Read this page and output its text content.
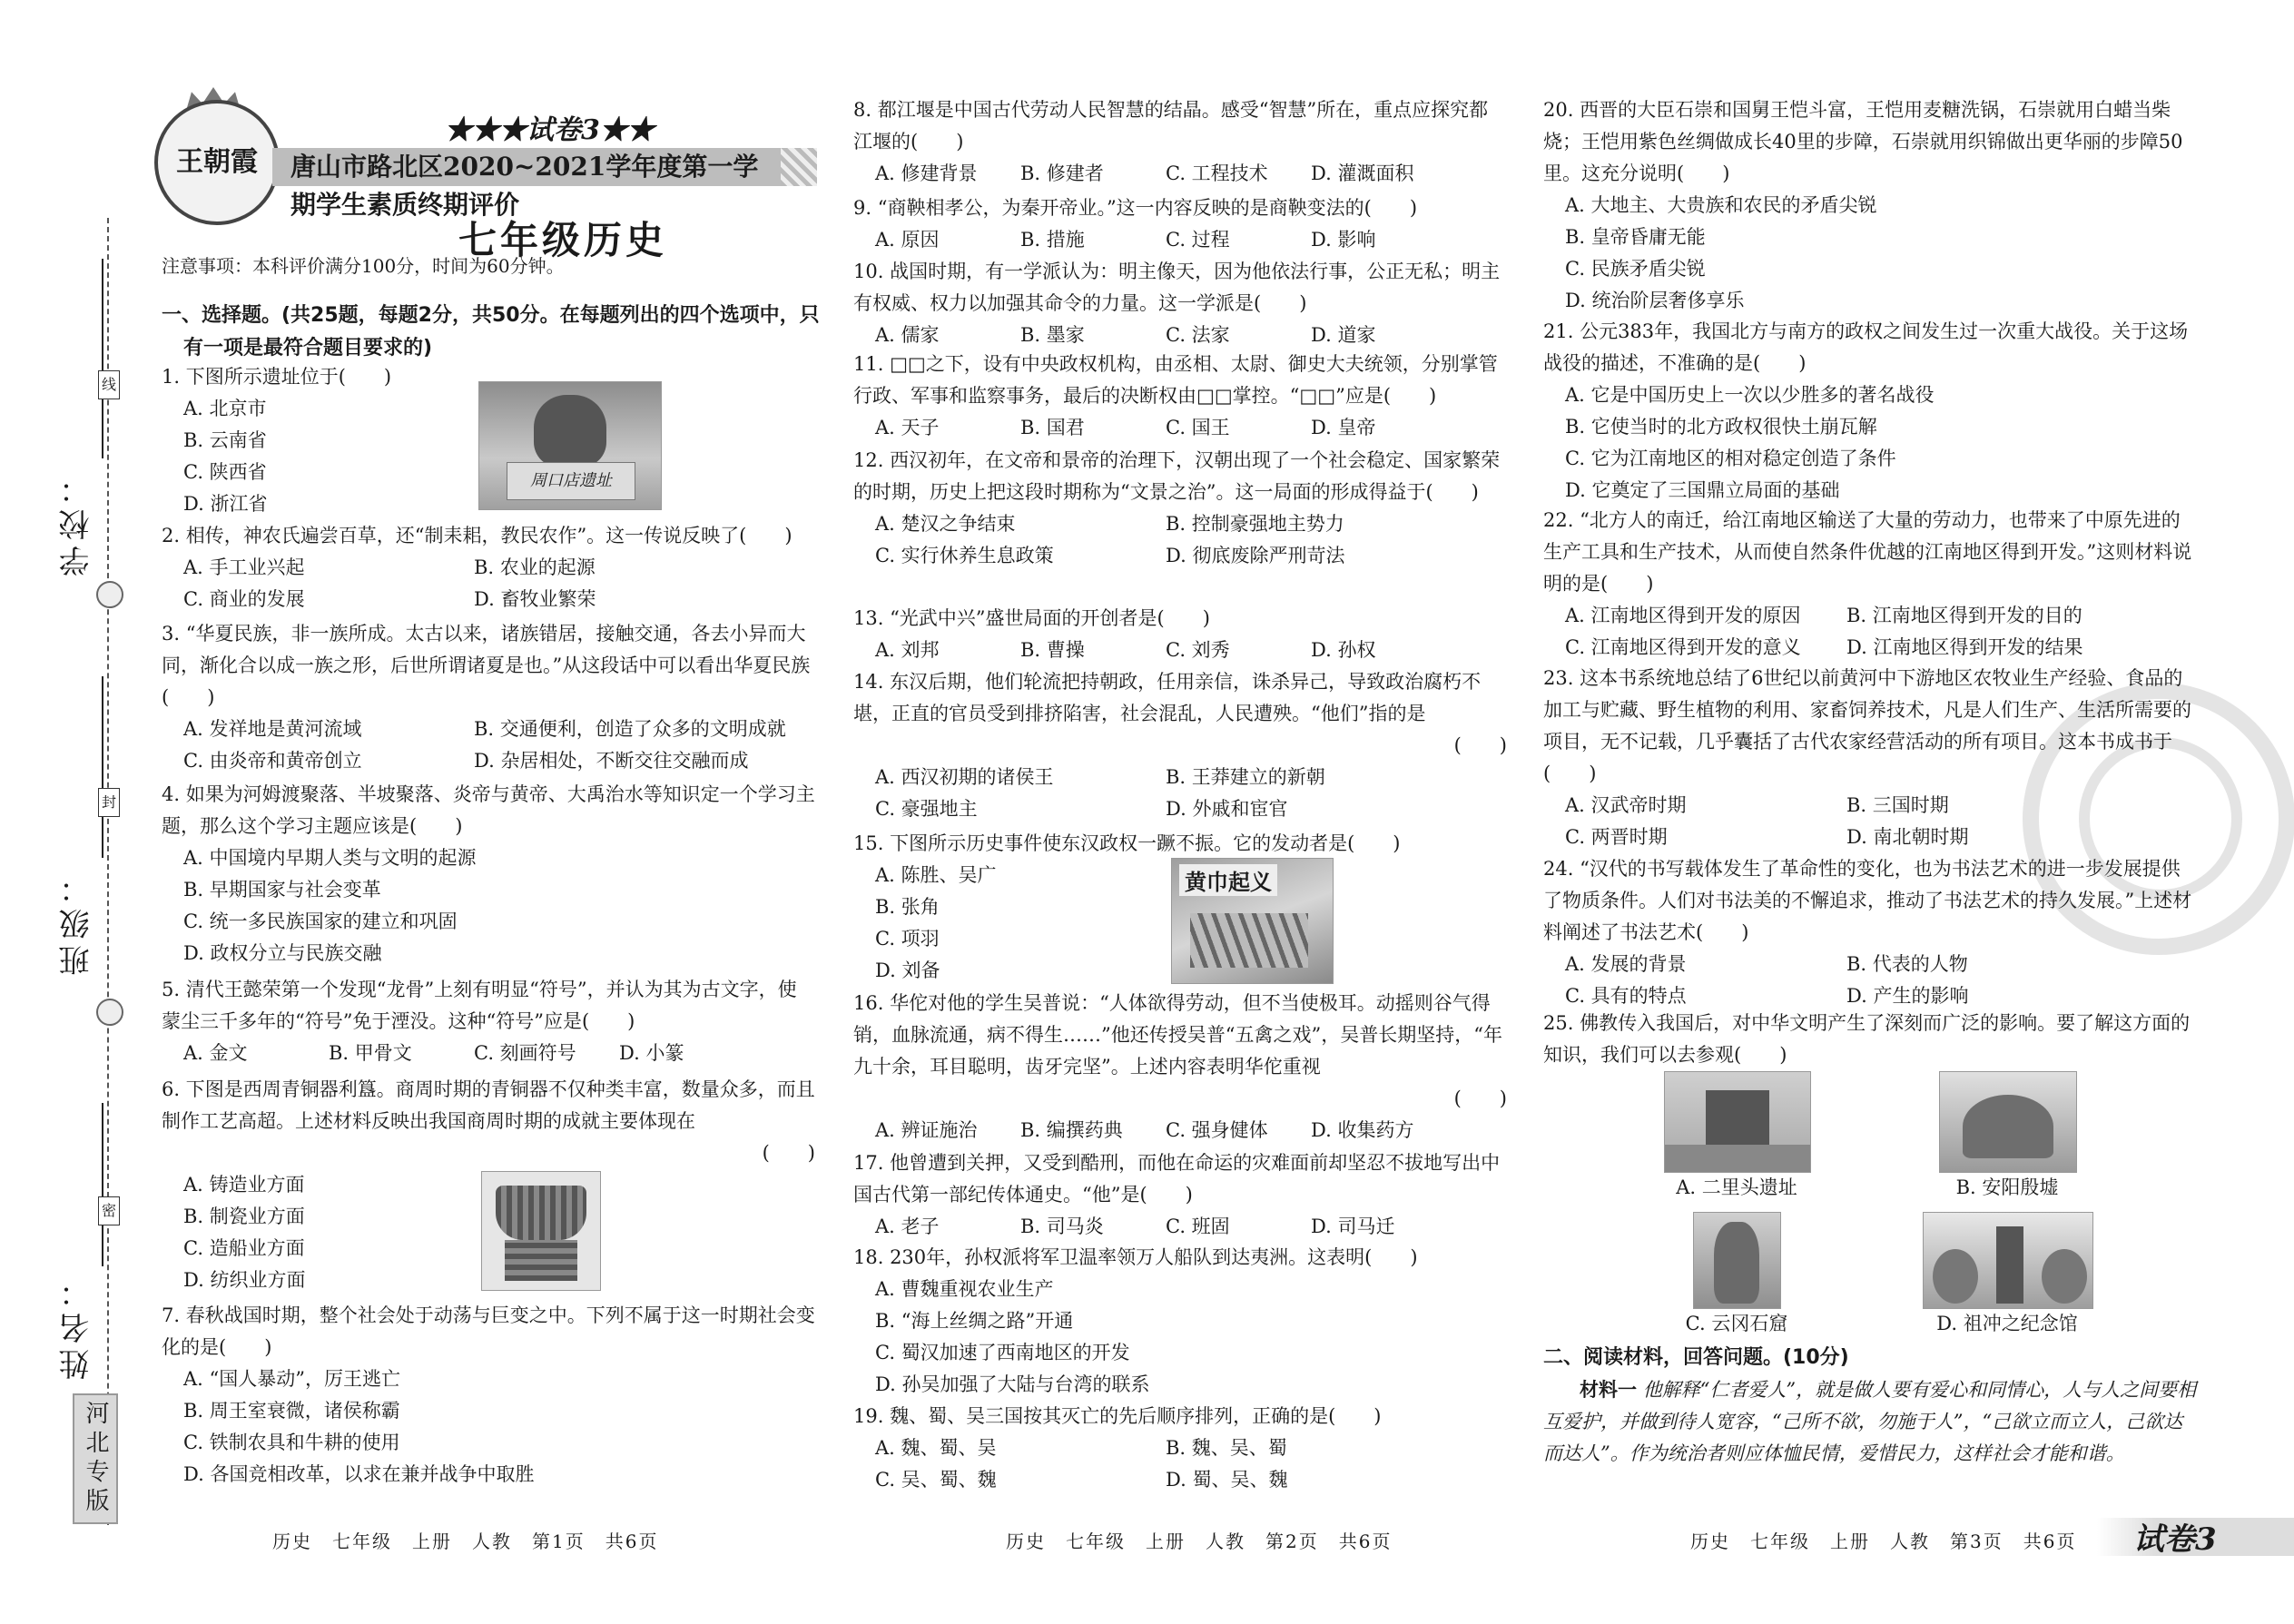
学校：
班级：
姓名：
线
封
密
河北专版
王朝霞
★★★试卷3★★
唐山市路北区2020~2021学年度第一学期学生素质终期评价
七年级历史
注意事项：本科评价满分100分，时间为60分钟。
一、选择题。(共25题，每题2分，共50分。在每题列出的四个选项中，只
有一项是最符合题目要求的)
1. 下图所示遗址位于(　　)
A. 北京市
B. 云南省
C. 陕西省
D. 浙江省
周口店遗址
2. 相传，神农氏遍尝百草，还“制耒耜，教民农作”。这一传说反映了(　　)
A. 手工业兴起	B. 农业的起源
C. 商业的发展	D. 畜牧业繁荣
3. “华夏民族，非一族所成。太古以来，诸族错居，接触交通，各去小异而大同，渐化合以成一族之形，后世所谓诸夏是也。”从这段话中可以看出华夏民族(　　)
A. 发祥地是黄河流域	B. 交通便利，创造了众多的文明成就
C. 由炎帝和黄帝创立	D. 杂居相处，不断交往交融而成
4. 如果为河姆渡聚落、半坡聚落、炎帝与黄帝、大禹治水等知识定一个学习主题，那么这个学习主题应该是(　　)
A. 中国境内早期人类与文明的起源
B. 早期国家与社会变革
C. 统一多民族国家的建立和巩固
D. 政权分立与民族交融
5. 清代王懿荣第一个发现“龙骨”上刻有明显“符号”，并认为其为古文字，使蒙尘三千多年的“符号”免于湮没。这种“符号”应是(　　)
A. 金文	B. 甲骨文	C. 刻画符号	D. 小篆
6. 下图是西周青铜器利簋。商周时期的青铜器不仅种类丰富，数量众多，而且制作工艺高超。上述材料反映出我国商周时期的成就主要体现在
(　　)
A. 铸造业方面
B. 制瓷业方面
C. 造船业方面
D. 纺织业方面
7. 春秋战国时期，整个社会处于动荡与巨变之中。下列不属于这一时期社会变化的是(　　)
A. “国人暴动”，厉王逃亡
B. 周王室衰微，诸侯称霸
C. 铁制农具和牛耕的使用
D. 各国竞相改革，以求在兼并战争中取胜
历史　七年级　上册　人教　第1页　共6页
8. 都江堰是中国古代劳动人民智慧的结晶。感受“智慧”所在，重点应探究都江堰的(　　)
A. 修建背景	B. 修建者	C. 工程技术	D. 灌溉面积
9. “商鞅相孝公，为秦开帝业。”这一内容反映的是商鞅变法的(　　)
A. 原因	B. 措施	C. 过程	D. 影响
10. 战国时期，有一学派认为：明主像天，因为他依法行事，公正无私；明主有权威、权力以加强其命令的力量。这一学派是(　　)
A. 儒家	B. 墨家	C. 法家	D. 道家
11. □□之下，设有中央政权机构，由丞相、太尉、御史大夫统领，分别掌管行政、军事和监察事务，最后的决断权由□□掌控。“□□”应是(　　)
A. 天子	B. 国君	C. 国王	D. 皇帝
12. 西汉初年，在文帝和景帝的治理下，汉朝出现了一个社会稳定、国家繁荣的时期，历史上把这段时期称为“文景之治”。这一局面的形成得益于(　　)
A. 楚汉之争结束	B. 控制豪强地主势力
C. 实行休养生息政策	D. 彻底废除严刑苛法
13. “光武中兴”盛世局面的开创者是(　　)
A. 刘邦	B. 曹操	C. 刘秀	D. 孙权
14. 东汉后期，他们轮流把持朝政，任用亲信，诛杀异己，导致政治腐朽不堪，正直的官员受到排挤陷害，社会混乱，人民遭殃。“他们”指的是
(　　)
A. 西汉初期的诸侯王	B. 王莽建立的新朝
C. 豪强地主	D. 外戚和宦官
15. 下图所示历史事件使东汉政权一蹶不振。它的发动者是(　　)
A. 陈胜、吴广
B. 张角
C. 项羽
D. 刘备
黄巾起义
16. 华佗对他的学生吴普说：“人体欲得劳动，但不当使极耳。动摇则谷气得销，血脉流通，病不得生……”他还传授吴普“五禽之戏”，吴普长期坚持，“年九十余，耳目聪明，齿牙完坚”。上述内容表明华佗重视
(　　)
A. 辨证施治	B. 编撰药典	C. 强身健体	D. 收集药方
17. 他曾遭到关押，又受到酷刑，而他在命运的灾难面前却坚忍不拔地写出中国古代第一部纪传体通史。“他”是(　　)
A. 老子	B. 司马炎	C. 班固	D. 司马迁
18. 230年，孙权派将军卫温率领万人船队到达夷洲。这表明(　　)
A. 曹魏重视农业生产
B. “海上丝绸之路”开通
C. 蜀汉加速了西南地区的开发
D. 孙吴加强了大陆与台湾的联系
19. 魏、蜀、吴三国按其灭亡的先后顺序排列，正确的是(　　)
A. 魏、蜀、吴	B. 魏、吴、蜀
C. 吴、蜀、魏	D. 蜀、吴、魏
历史　七年级　上册　人教　第2页　共6页
20. 西晋的大臣石崇和国舅王恺斗富，王恺用麦糖洗锅，石崇就用白蜡当柴烧；王恺用紫色丝绸做成长40里的步障，石崇就用织锦做出更华丽的步障50里。这充分说明(　　)
A. 大地主、大贵族和农民的矛盾尖锐
B. 皇帝昏庸无能
C. 民族矛盾尖锐
D. 统治阶层奢侈享乐
21. 公元383年，我国北方与南方的政权之间发生过一次重大战役。关于这场战役的描述，不准确的是(　　)
A. 它是中国历史上一次以少胜多的著名战役
B. 它使当时的北方政权很快土崩瓦解
C. 它为江南地区的相对稳定创造了条件
D. 它奠定了三国鼎立局面的基础
22. “北方人的南迁，给江南地区输送了大量的劳动力，也带来了中原先进的生产工具和生产技术，从而使自然条件优越的江南地区得到开发。”这则材料说明的是(　　)
A. 江南地区得到开发的原因	B. 江南地区得到开发的目的
C. 江南地区得到开发的意义	D. 江南地区得到开发的结果
23. 这本书系统地总结了6世纪以前黄河中下游地区农牧业生产经验、食品的加工与贮藏、野生植物的利用、家畜饲养技术，凡是人们生产、生活所需要的项目，无不记载，几乎囊括了古代农家经营活动的所有项目。这本书成书于(　　)
A. 汉武帝时期	B. 三国时期
C. 两晋时期	D. 南北朝时期
24. “汉代的书写载体发生了革命性的变化，也为书法艺术的进一步发展提供了物质条件。人们对书法美的不懈追求，推动了书法艺术的持久发展。”上述材料阐述了书法艺术(　　)
A. 发展的背景	B. 代表的人物
C. 具有的特点	D. 产生的影响
25. 佛教传入我国后，对中华文明产生了深刻而广泛的影响。要了解这方面的知识，我们可以去参观(　　)
A. 二里头遗址	B. 安阳殷墟
C. 云冈石窟	D. 祖冲之纪念馆
二、阅读材料，回答问题。(10分)
材料一 他解释“仁者爱人”，就是做人要有爱心和同情心，人与人之间要相互爱护，并做到待人宽容，“己所不欲，勿施于人”，“己欲立而立人，己欲达而达人”。作为统治者则应体恤民情，爱惜民力，这样社会才能和谐。
历史　七年级　上册　人教　第3页　共6页 试卷3
